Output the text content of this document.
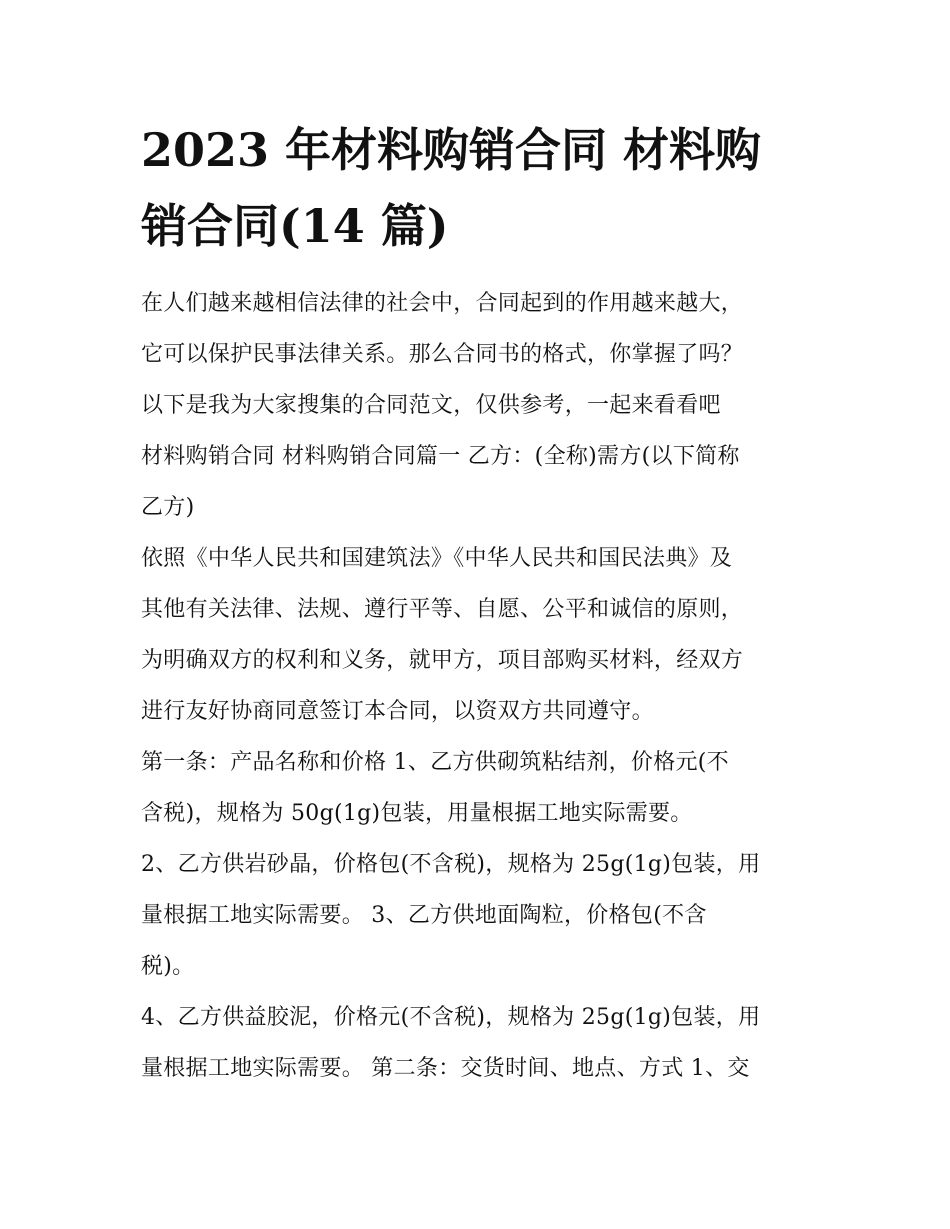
2023 年材料购销合同 材料购
销合同(14 篇)

在人们越来越相信法律的社会中，合同起到的作用越来越大，
它可以保护民事法律关系。那么合同书的格式，你掌握了吗？
以下是我为大家搜集的合同范文，仅供参考，一起来看看吧

材料购销合同 材料购销合同篇一 乙方：(全称)需方(以下简称
乙方)

依照《中华人民共和国建筑法》《中华人民共和国民法典》及
其他有关法律、法规、遵行平等、自愿、公平和诚信的原则，
为明确双方的权利和义务，就甲方，项目部购买材料，经双方
进行友好协商同意签订本合同，以资双方共同遵守。

第一条：产品名称和价格 1、乙方供砌筑粘结剂，价格元(不
含税)，规格为 50g(1g)包装，用量根据工地实际需要。

2、乙方供岩砂晶，价格包(不含税)，规格为 25g(1g)包装，用
量根据工地实际需要。 3、乙方供地面陶粒，价格包(不含
税)。

4、乙方供益胶泥，价格元(不含税)，规格为 25g(1g)包装，用
量根据工地实际需要。 第二条：交货时间、地点、方式 1、交
